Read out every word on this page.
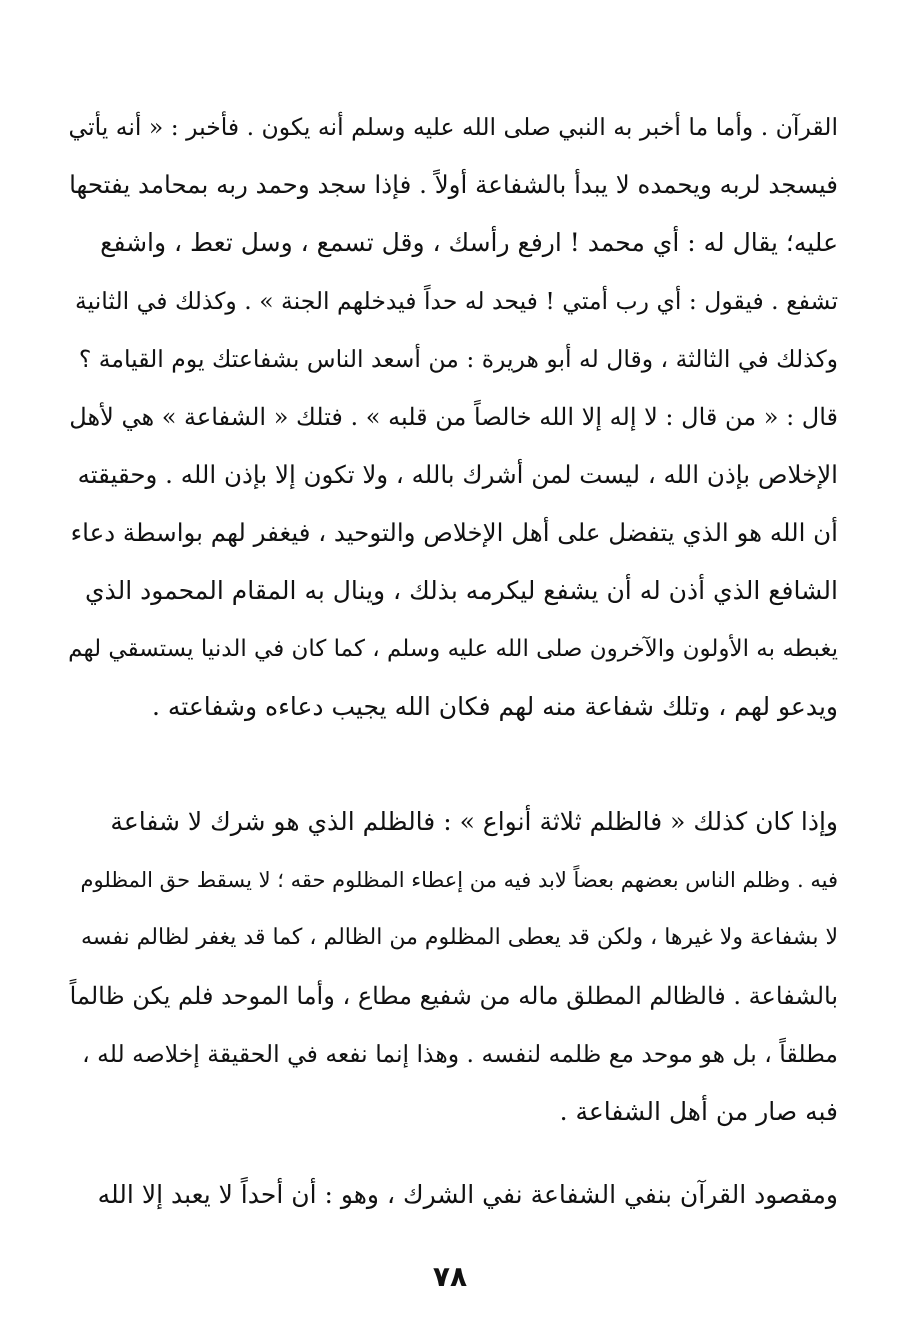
القرآن . وأما ما أخبر به النبي صلى الله عليه وسلم أنه يكون . فأخبر : « أنه يأتي
فيسجد لربه ويحمده لا يبدأ بالشفاعة أولاً . فإذا سجد وحمد ربه بمحامد يفتحها
عليه؛ يقال له : أي محمد ! ارفع رأسك ، وقل تسمع ، وسل تعط ، واشفع
تشفع . فيقول : أي رب أمتي ! فيحد له حداً فيدخلهم الجنة » . وكذلك في الثانية
وكذلك في الثالثة ، وقال له أبو هريرة : من أسعد الناس بشفاعتك يوم القيامة ؟
قال : « من قال : لا إله إلا الله خالصاً من قلبه » . فتلك « الشفاعة » هي لأهل
الإخلاص بإذن الله ، ليست لمن أشرك بالله ، ولا تكون إلا بإذن الله . وحقيقته
أن الله هو الذي يتفضل على أهل الإخلاص والتوحيد ، فيغفر لهم بواسطة دعاء
الشافع الذي أذن له أن يشفع ليكرمه بذلك ، وينال به المقام المحمود الذي
يغبطه به الأولون والآخرون صلى الله عليه وسلم ، كما كان في الدنيا يستسقي لهم
ويدعو لهم ، وتلك شفاعة منه لهم فكان الله يجيب دعاءه وشفاعته .
وإذا كان كذلك « فالظلم ثلاثة أنواع » : فالظلم الذي هو شرك لا شفاعة
فيه . وظلم الناس بعضهم بعضاً لابد فيه من إعطاء المظلوم حقه ؛ لا يسقط حق المظلوم
لا بشفاعة ولا غيرها ، ولكن قد يعطى المظلوم من الظالم ، كما قد يغفر لظالم نفسه
بالشفاعة . فالظالم المطلق ماله من شفيع مطاع ، وأما الموحد فلم يكن ظالماً
مطلقاً ، بل هو موحد مع ظلمه لنفسه . وهذا إنما نفعه في الحقيقة إخلاصه لله ،
فبه صار من أهل الشفاعة .
ومقصود القرآن بنفي الشفاعة نفي الشرك ، وهو : أن أحداً لا يعبد إلا الله
٧٨
